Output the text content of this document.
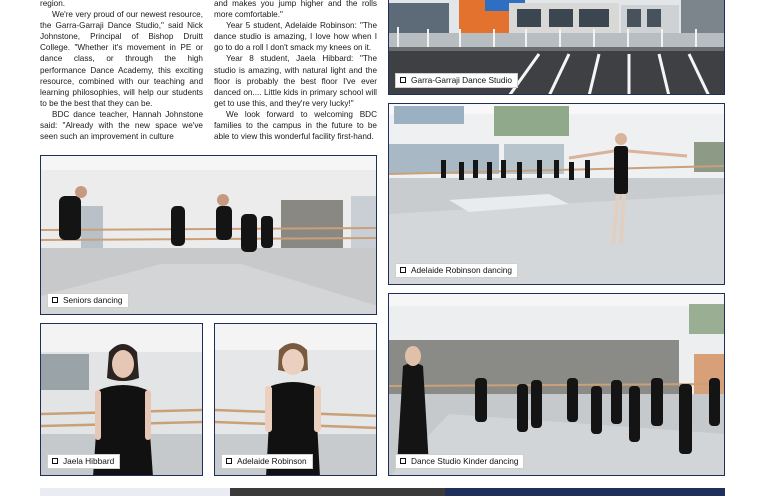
region.

We're very proud of our newest resource, the Garra-Garraji Dance Studio," said Nick Johnstone, Principal of Bishop Druitt College. "Whether it's movement in PE or dance class, or through the high performance Dance Academy, this exciting resource, combined with our teaching and learning philosophies, will help our students to be the best that they can be.

BDC dance teacher, Hannah Johnstone said: "Already with the new space we've seen such an improvement in culture

and makes you jump higher and the rolls more comfortable."

Year 5 student, Adelaide Robinson: "The dance studio is amazing, I love how when I go to do a roll I don't smack my knees on it.

Year 8 student, Jaela Hibbard: "The studio is amazing, with natural light and the floor is probably the best floor I've ever danced on.... Little kids in primary school will get to use this, and they're very lucky!"

We look forward to welcoming BDC families to the campus in the future to be able to view this wonderful facility first-hand.

Garra-Garraji Dance Studio
Adelaide Robinson dancing
Seniors dancing
Jaela Hibbard	Adelaide Robinson	Dance Studio Kinder dancing
